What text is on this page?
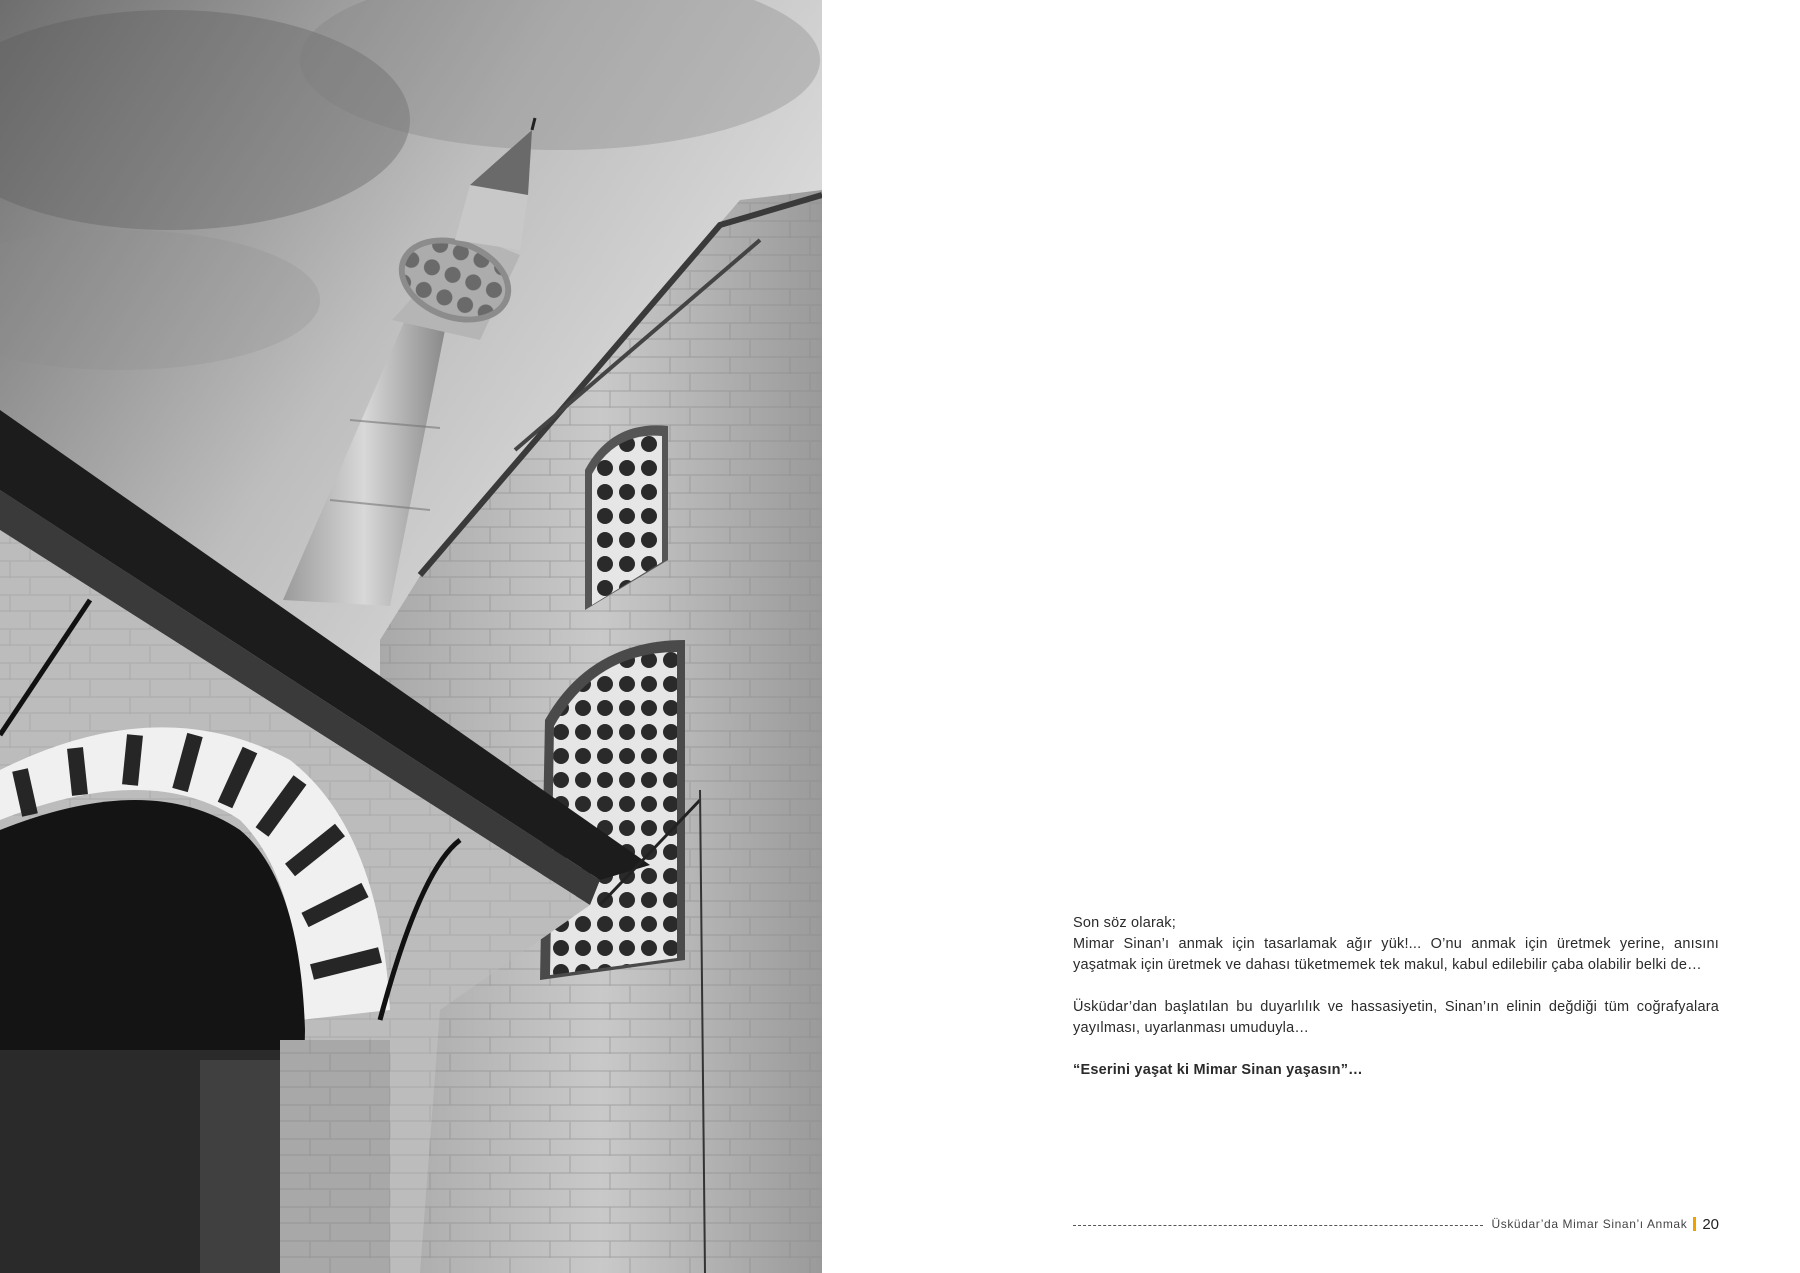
Son söz olarak;

Mimar Sinan’ı anmak için tasarlamak ağır yük!... O’nu anmak için üretmek yerine, anısını yaşatmak için üretmek ve dahası tüketmemek tek makul, kabul edilebilir çaba olabilir belki de…

Üsküdar’dan başlatılan bu duyarlılık ve hassasiyetin, Sinan’ın elinin değdiği tüm coğrafyalara yayılması, uyarlanması umuduyla…

“Eserini yaşat ki Mimar Sinan yaşasın”…

Üsküdar’da Mimar Sinan’ı Anmak 20
